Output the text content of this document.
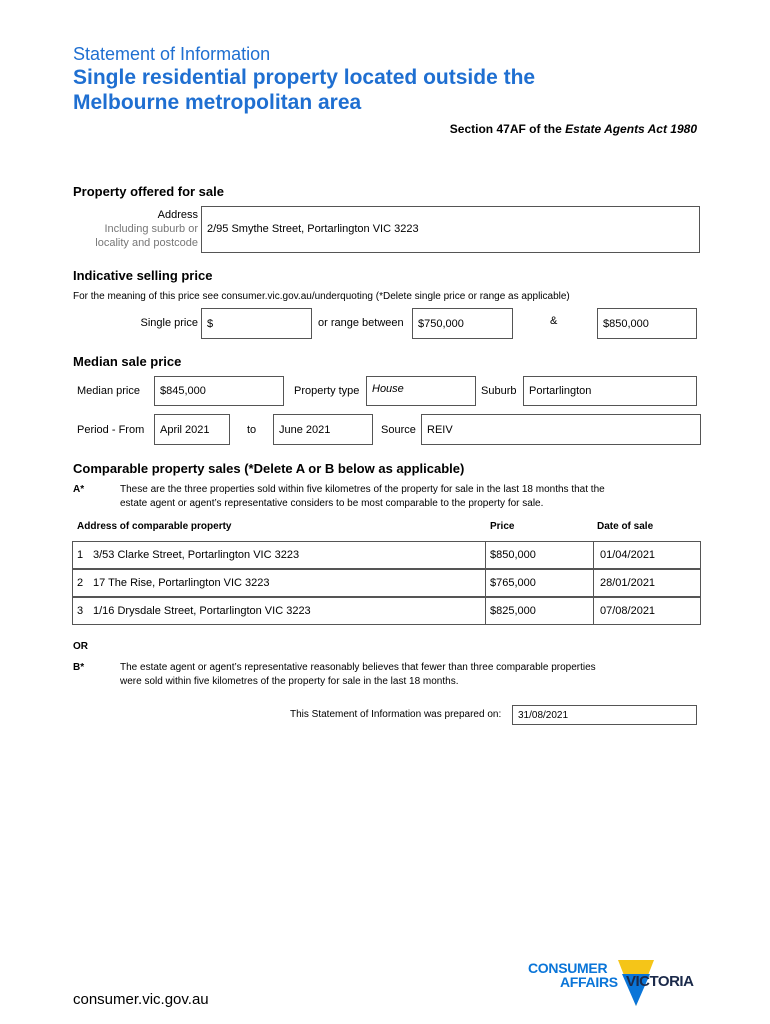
Statement of Information
Single residential property located outside the
Melbourne metropolitan area
Section 47AF of the Estate Agents Act 1980
Property offered for sale
Address
Including suburb or
locality and postcode
2/95 Smythe Street, Portarlington VIC 3223
Indicative selling price
For the meaning of this price see consumer.vic.gov.au/underquoting (*Delete single price or range as applicable)
Single price $	or range between	$750,000	&	$850,000
Median sale price
Median price	$845,000	Property type	House	Suburb	Portarlington
Period - From	April 2021	to	June 2021	Source	REIV
Comparable property sales (*Delete A or B below as applicable)
A*	These are the three properties sold within five kilometres of the property for sale in the last 18 months that the
estate agent or agent’s representative considers to be most comparable to the property for sale.
Address of comparable property	Price	Date of sale
1 3/53 Clarke Street, Portarlington VIC 3223	$850,000	01/04/2021
2 17 The Rise, Portarlington VIC 3223	$765,000	28/01/2021
3 1/16 Drysdale Street, Portarlington VIC 3223	$825,000	07/08/2021
OR
B*	The estate agent or agent’s representative reasonably believes that fewer than three comparable properties
were sold within five kilometres of the property for sale in the last 18 months.
This Statement of Information was prepared on:	31/08/2021
consumer.vic.gov.au
CONSUMER
AFFAIRS VICTORIA
